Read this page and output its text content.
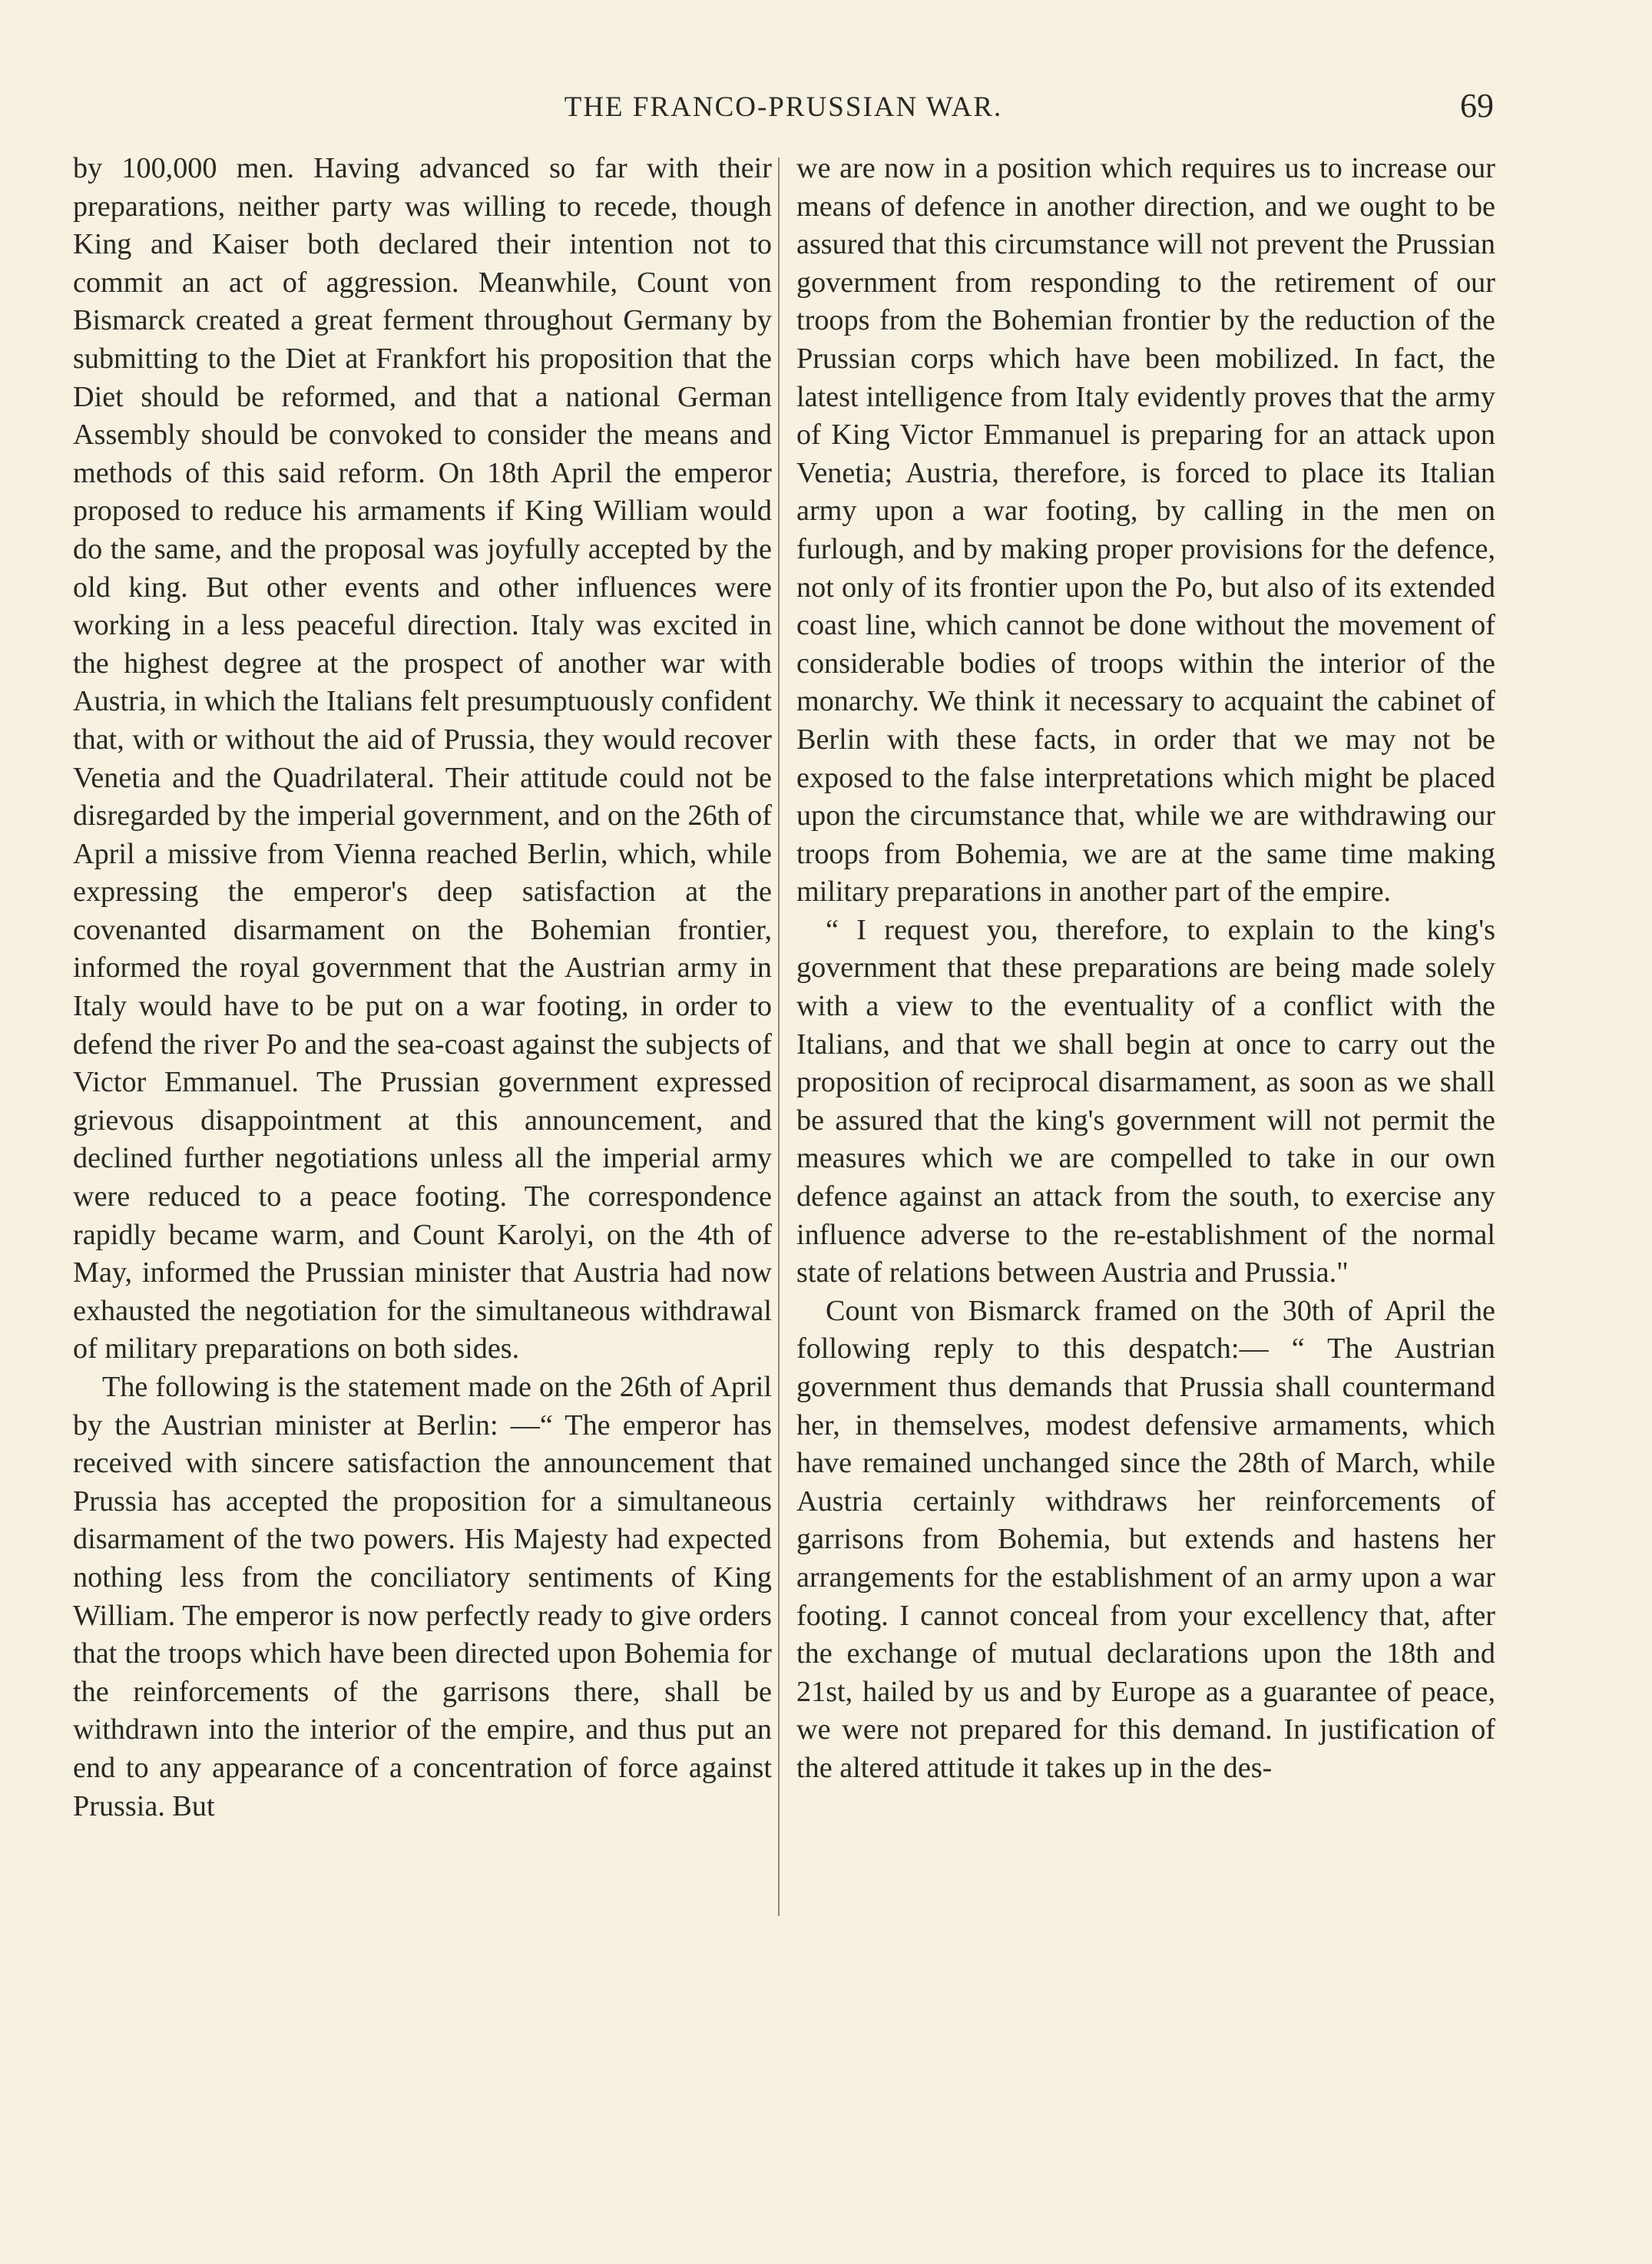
THE FRANCO-PRUSSIAN WAR.	69

by 100,000 men. Having advanced so far with their preparations, neither party was willing to recede, though King and Kaiser both declared their intention not to commit an act of aggression. Meanwhile, Count von Bismarck created a great ferment throughout Germany by submitting to the Diet at Frankfort his proposition that the Diet should be reformed, and that a national German Assembly should be convoked to consider the means and methods of this said reform. On 18th April the emperor proposed to reduce his armaments if King William would do the same, and the proposal was joyfully accepted by the old king. But other events and other influences were working in a less peaceful direction. Italy was excited in the highest degree at the prospect of another war with Austria, in which the Italians felt presumptuously confident that, with or without the aid of Prussia, they would recover Venetia and the Quadrilateral. Their attitude could not be disregarded by the imperial government, and on the 26th of April a missive from Vienna reached Berlin, which, while expressing the emperor's deep satisfaction at the covenanted disarmament on the Bohemian frontier, informed the royal government that the Austrian army in Italy would have to be put on a war footing, in order to defend the river Po and the sea-coast against the subjects of Victor Emmanuel. The Prussian government expressed grievous disappointment at this announcement, and declined further negotiations unless all the imperial army were reduced to a peace footing. The correspondence rapidly became warm, and Count Karolyi, on the 4th of May, informed the Prussian minister that Austria had now exhausted the negotiation for the simultaneous withdrawal of military preparations on both sides.

The following is the statement made on the 26th of April by the Austrian minister at Berlin: —“ The emperor has received with sincere satisfaction the announcement that Prussia has accepted the proposition for a simultaneous disarmament of the two powers. His Majesty had expected nothing less from the conciliatory sentiments of King William. The emperor is now perfectly ready to give orders that the troops which have been directed upon Bohemia for the reinforcements of the garrisons there, shall be withdrawn into the interior of the empire, and thus put an end to any appearance of a concentration of force against Prussia. But

we are now in a position which requires us to increase our means of defence in another direction, and we ought to be assured that this circumstance will not prevent the Prussian government from responding to the retirement of our troops from the Bohemian frontier by the reduction of the Prussian corps which have been mobilized. In fact, the latest intelligence from Italy evidently proves that the army of King Victor Emmanuel is preparing for an attack upon Venetia; Austria, therefore, is forced to place its Italian army upon a war footing, by calling in the men on furlough, and by making proper provisions for the defence, not only of its frontier upon the Po, but also of its extended coast line, which cannot be done without the movement of considerable bodies of troops within the interior of the monarchy. We think it necessary to acquaint the cabinet of Berlin with these facts, in order that we may not be exposed to the false interpretations which might be placed upon the circumstance that, while we are withdrawing our troops from Bohemia, we are at the same time making military preparations in another part of the empire.

“ I request you, therefore, to explain to the king's government that these preparations are being made solely with a view to the eventuality of a conflict with the Italians, and that we shall begin at once to carry out the proposition of reciprocal disarmament, as soon as we shall be assured that the king's government will not permit the measures which we are compelled to take in our own defence against an attack from the south, to exercise any influence adverse to the re-establishment of the normal state of relations between Austria and Prussia."

Count von Bismarck framed on the 30th of April the following reply to this despatch:— “ The Austrian government thus demands that Prussia shall countermand her, in themselves, modest defensive armaments, which have remained unchanged since the 28th of March, while Austria certainly withdraws her reinforcements of garrisons from Bohemia, but extends and hastens her arrangements for the establishment of an army upon a war footing. I cannot conceal from your excellency that, after the exchange of mutual declarations upon the 18th and 21st, hailed by us and by Europe as a guarantee of peace, we were not prepared for this demand. In justification of the altered attitude it takes up in the des-
